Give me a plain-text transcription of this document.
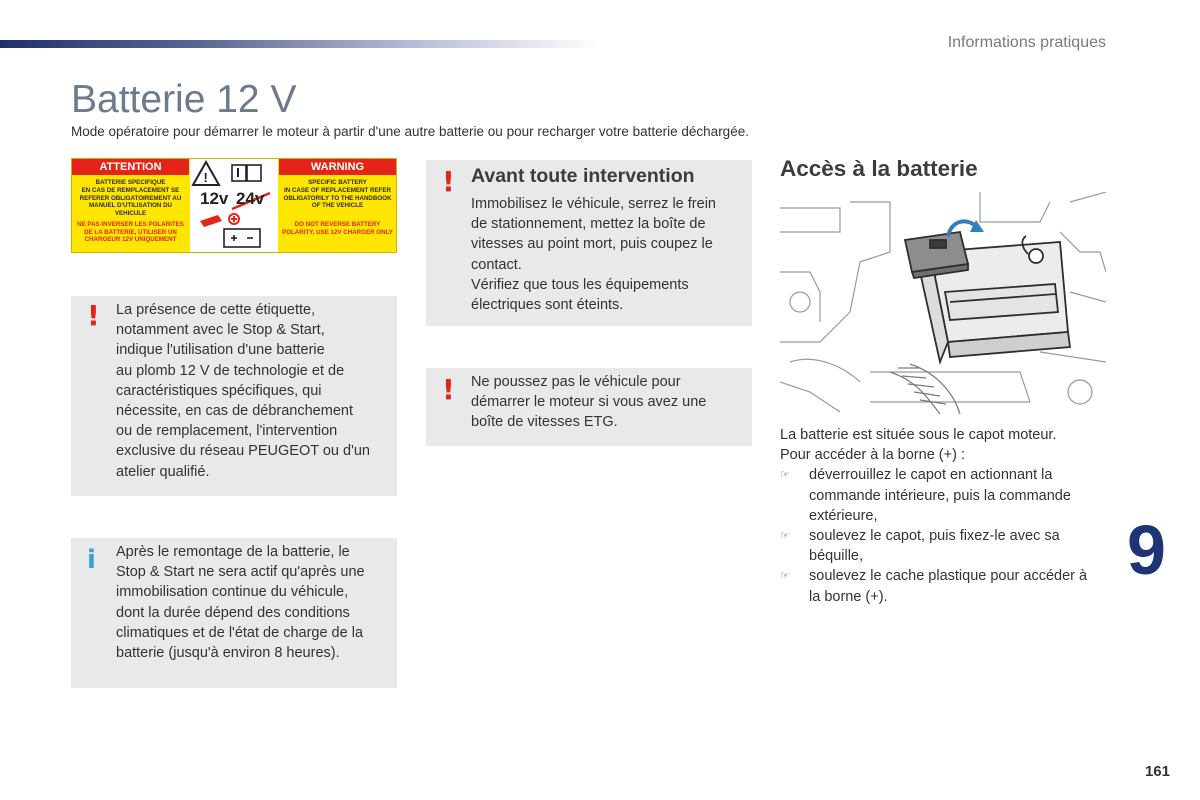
Informations pratiques
Batterie 12 V
Mode opératoire pour démarrer le moteur à partir d'une autre batterie ou pour recharger votre batterie déchargée.
ATTENTION	WARNING
BATTERIE SPECIFIQUE
EN CAS DE REMPLACEMENT SE REFERER OBLIGATOIREMENT AU MANUEL D'UTILISATION DU VEHICULE
NE PAS INVERSER LES POLARITES DE LA BATTERIE, UTILISER UN CHARGEUR 12V UNIQUEMENT
SPECIFIC BATTERY
IN CASE OF REPLACEMENT REFER OBLIGATORILY TO THE HANDBOOK OF THE VEHICLE
DO NOT REVERSE BATTERY POLARITY, USE 12V CHARGER ONLY
!
12v 24v
! La présence de cette étiquette,
notamment avec le Stop & Start,
indique l'utilisation d'une batterie
au plomb 12 V de technologie et de
caractéristiques spécifiques, qui
nécessite, en cas de débranchement
ou de remplacement, l'intervention
exclusive du réseau PEUGEOT ou d'un
atelier qualifié.
i Après le remontage de la batterie, le
Stop & Start ne sera actif qu'après une
immobilisation continue du véhicule,
dont la durée dépend des conditions
climatiques et de l'état de charge de la
batterie (jusqu'à environ 8 heures).
! Avant toute intervention
Immobilisez le véhicule, serrez le frein
de stationnement, mettez la boîte de
vitesses au point mort, puis coupez le
contact.
Vérifiez que tous les équipements
électriques sont éteints.
! Ne poussez pas le véhicule pour
démarrer le moteur si vous avez une
boîte de vitesses ETG.
Accès à la batterie
La batterie est située sous le capot moteur.
Pour accéder à la borne (+) :
☞ déverrouillez le capot en actionnant la
commande intérieure, puis la commande
extérieure,
☞ soulevez le capot, puis fixez-le avec sa
béquille,
☞ soulevez le cache plastique pour accéder à
la borne (+).
9
161
